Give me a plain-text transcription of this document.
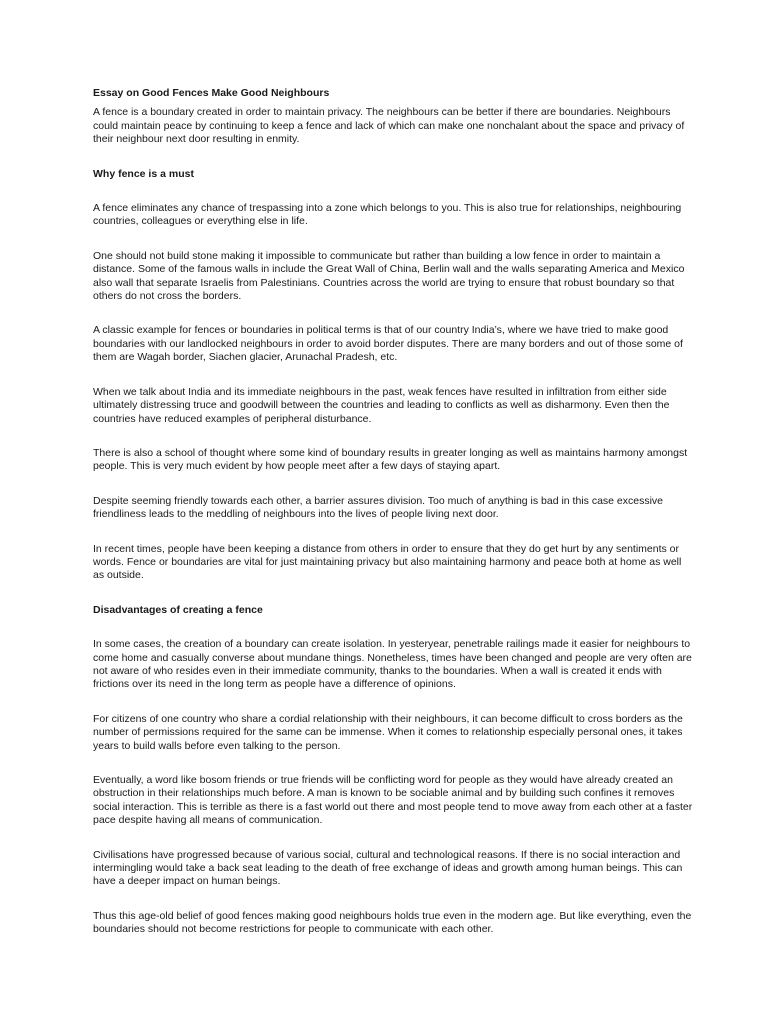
Essay on Good Fences Make Good Neighbours

A fence is a boundary created in order to maintain privacy. The neighbours can be better if there are boundaries. Neighbours could maintain peace by continuing to keep a fence and lack of which can make one nonchalant about the space and privacy of their neighbour next door resulting in enmity.

Why fence is a must

A fence eliminates any chance of trespassing into a zone which belongs to you. This is also true for relationships, neighbouring countries, colleagues or everything else in life.

One should not build stone making it impossible to communicate but rather than building a low fence in order to maintain a distance. Some of the famous walls in include the Great Wall of China, Berlin wall and the walls separating America and Mexico also wall that separate Israelis from Palestinians. Countries across the world are trying to ensure that robust boundary so that others do not cross the borders.

A classic example for fences or boundaries in political terms is that of our country India’s, where we have tried to make good boundaries with our landlocked neighbours in order to avoid border disputes. There are many borders and out of those some of them are Wagah border, Siachen glacier, Arunachal Pradesh, etc.

When we talk about India and its immediate neighbours in the past, weak fences have resulted in infiltration from either side ultimately distressing truce and goodwill between the countries and leading to conflicts as well as disharmony. Even then the countries have reduced examples of peripheral disturbance.

There is also a school of thought where some kind of boundary results in greater longing as well as maintains harmony amongst people. This is very much evident by how people meet after a few days of staying apart.

Despite seeming friendly towards each other, a barrier assures division. Too much of anything is bad in this case excessive friendliness leads to the meddling of neighbours into the lives of people living next door.

In recent times, people have been keeping a distance from others in order to ensure that they do get hurt by any sentiments or words. Fence or boundaries are vital for just maintaining privacy but also maintaining harmony and peace both at home as well as outside.

Disadvantages of creating a fence

In some cases, the creation of a boundary can create isolation. In yesteryear, penetrable railings made it easier for neighbours to come home and casually converse about mundane things. Nonetheless, times have been changed and people are very often are not aware of who resides even in their immediate community, thanks to the boundaries. When a wall is created it ends with frictions over its need in the long term as people have a difference of opinions.

For citizens of one country who share a cordial relationship with their neighbours, it can become difficult to cross borders as the number of permissions required for the same can be immense. When it comes to relationship especially personal ones, it takes years to build walls before even talking to the person.

Eventually, a word like bosom friends or true friends will be conflicting word for people as they would have already created an obstruction in their relationships much before. A man is known to be sociable animal and by building such confines it removes social interaction. This is terrible as there is a fast world out there and most people tend to move away from each other at a faster pace despite having all means of communication.

Civilisations have progressed because of various social, cultural and technological reasons. If there is no social interaction and intermingling would take a back seat leading to the death of free exchange of ideas and growth among human beings. This can have a deeper impact on human beings.

Thus this age-old belief of good fences making good neighbours holds true even in the modern age. But like everything, even the boundaries should not become restrictions for people to communicate with each other.
